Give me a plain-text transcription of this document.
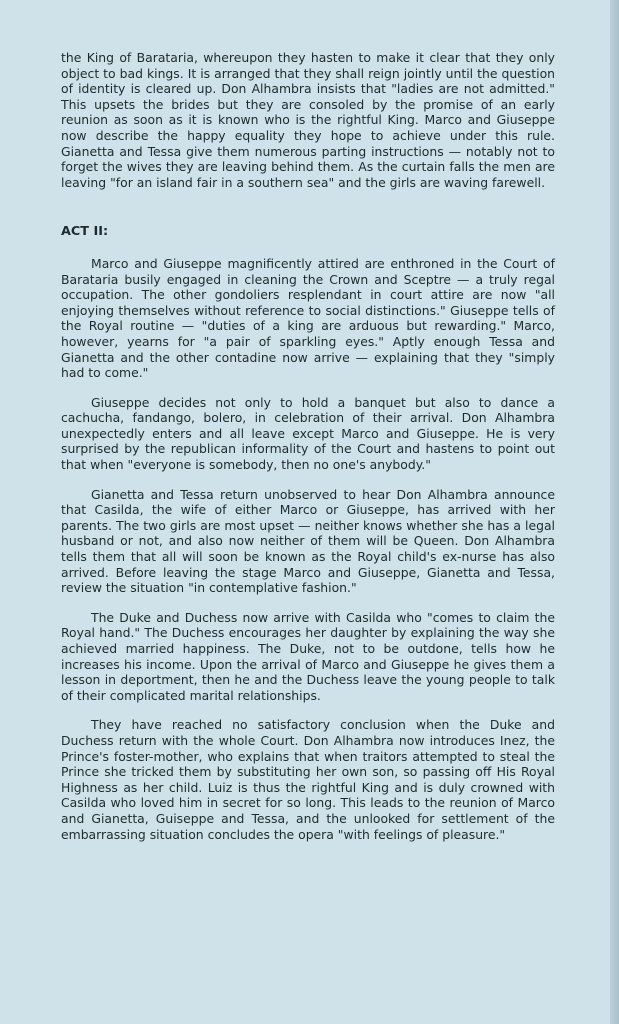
the King of Barataria, whereupon they hasten to make it clear that they only object to bad kings. It is arranged that they shall reign jointly until the question of identity is cleared up. Don Alhambra insists that "ladies are not admitted." This upsets the brides but they are consoled by the promise of an early reunion as soon as it is known who is the rightful King. Marco and Giuseppe now describe the happy equality they hope to achieve under this rule. Gianetta and Tessa give them numerous parting instructions — notably not to forget the wives they are leaving behind them. As the curtain falls the men are leaving "for an island fair in a southern sea" and the girls are waving farewell.

ACT II:

Marco and Giuseppe magnificently attired are enthroned in the Court of Barataria busily engaged in cleaning the Crown and Sceptre — a truly regal occupation. The other gondoliers resplendant in court attire are now "all enjoying themselves without reference to social distinctions." Giuseppe tells of the Royal routine — "duties of a king are arduous but rewarding." Marco, however, yearns for "a pair of sparkling eyes." Aptly enough Tessa and Gianetta and the other contadine now arrive — explaining that they "simply had to come."

Giuseppe decides not only to hold a banquet but also to dance a cachucha, fandango, bolero, in celebration of their arrival. Don Alhambra unexpectedly enters and all leave except Marco and Giuseppe. He is very surprised by the republican informality of the Court and hastens to point out that when "everyone is somebody, then no one's anybody."

Gianetta and Tessa return unobserved to hear Don Alhambra announce that Casilda, the wife of either Marco or Giuseppe, has arrived with her parents. The two girls are most upset — neither knows whether she has a legal husband or not, and also now neither of them will be Queen. Don Alhambra tells them that all will soon be known as the Royal child's ex-nurse has also arrived. Before leaving the stage Marco and Giuseppe, Gianetta and Tessa, review the situation "in contemplative fashion."

The Duke and Duchess now arrive with Casilda who "comes to claim the Royal hand." The Duchess encourages her daughter by explaining the way she achieved married happiness. The Duke, not to be outdone, tells how he increases his income. Upon the arrival of Marco and Giuseppe he gives them a lesson in deportment, then he and the Duchess leave the young people to talk of their complicated marital relationships.

They have reached no satisfactory conclusion when the Duke and Duchess return with the whole Court. Don Alhambra now introduces Inez, the Prince's foster-mother, who explains that when traitors attempted to steal the Prince she tricked them by substituting her own son, so passing off His Royal Highness as her child. Luiz is thus the rightful King and is duly crowned with Casilda who loved him in secret for so long. This leads to the reunion of Marco and Gianetta, Guiseppe and Tessa, and the unlooked for settlement of the embarrassing situation concludes the opera "with feelings of pleasure."
